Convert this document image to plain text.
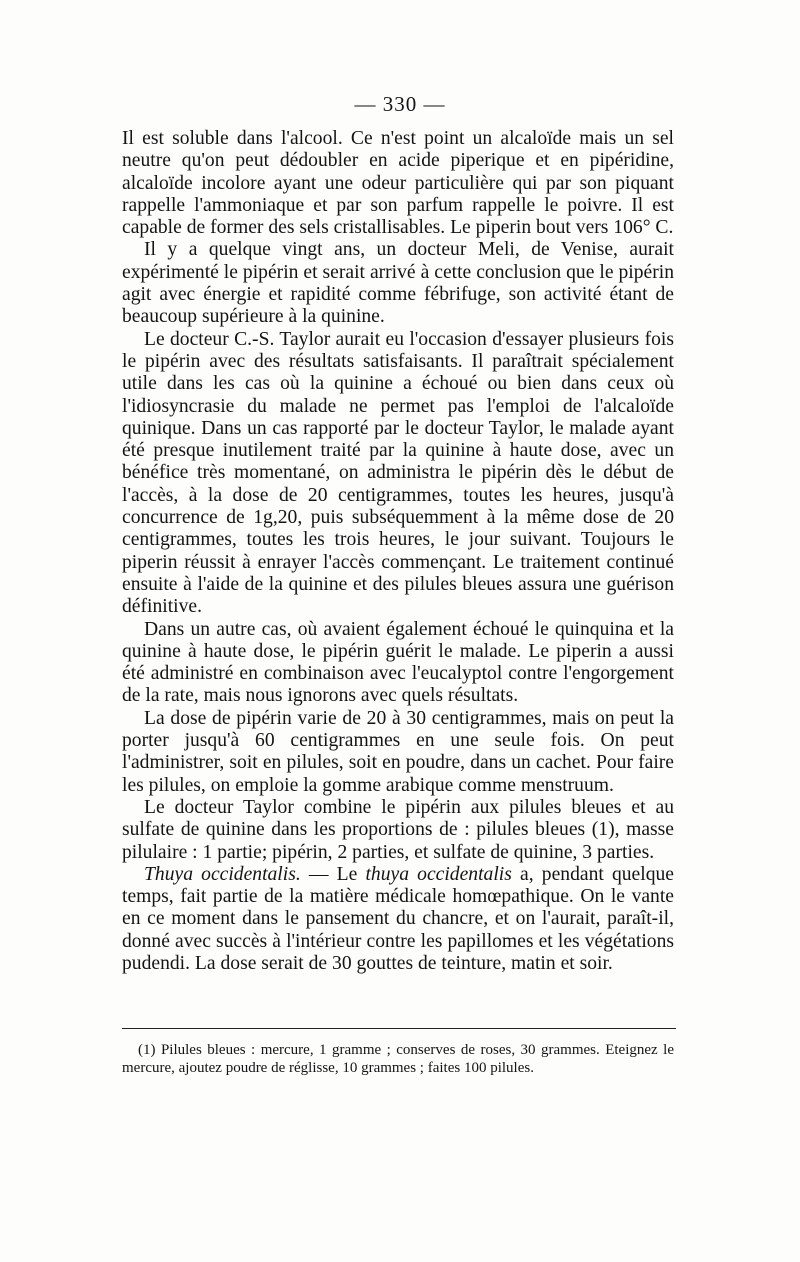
— 330 —

Il est soluble dans l'alcool. Ce n'est point un alcaloïde mais un sel neutre qu'on peut dédoubler en acide piperique et en pipéridine, alcaloïde incolore ayant une odeur particulière qui par son piquant rappelle l'ammoniaque et par son parfum rappelle le poivre. Il est capable de former des sels cristallisables. Le piperin bout vers 106° C.

Il y a quelque vingt ans, un docteur Meli, de Venise, aurait expérimenté le pipérin et serait arrivé à cette conclusion que le pipérin agit avec énergie et rapidité comme fébrifuge, son activité étant de beaucoup supérieure à la quinine.

Le docteur C.-S. Taylor aurait eu l'occasion d'essayer plusieurs fois le pipérin avec des résultats satisfaisants. Il paraîtrait spécialement utile dans les cas où la quinine a échoué ou bien dans ceux où l'idiosyncrasie du malade ne permet pas l'emploi de l'alcaloïde quinique. Dans un cas rapporté par le docteur Taylor, le malade ayant été presque inutilement traité par la quinine à haute dose, avec un bénéfice très momentané, on administra le pipérin dès le début de l'accès, à la dose de 20 centigrammes, toutes les heures, jusqu'à concurrence de 1g,20, puis subséquemment à la même dose de 20 centigrammes, toutes les trois heures, le jour suivant. Toujours le piperin réussit à enrayer l'accès commençant. Le traitement continué ensuite à l'aide de la quinine et des pilules bleues assura une guérison définitive.

Dans un autre cas, où avaient également échoué le quinquina et la quinine à haute dose, le pipérin guérit le malade. Le piperin a aussi été administré en combinaison avec l'eucalyptol contre l'engorgement de la rate, mais nous ignorons avec quels résultats.

La dose de pipérin varie de 20 à 30 centigrammes, mais on peut la porter jusqu'à 60 centigrammes en une seule fois. On peut l'administrer, soit en pilules, soit en poudre, dans un cachet. Pour faire les pilules, on emploie la gomme arabique comme menstruum.

Le docteur Taylor combine le pipérin aux pilules bleues et au sulfate de quinine dans les proportions de : pilules bleues (1), masse pilulaire : 1 partie; pipérin, 2 parties, et sulfate de quinine, 3 parties.

Thuya occidentalis. — Le thuya occidentalis a, pendant quelque temps, fait partie de la matière médicale homœpathique. On le vante en ce moment dans le pansement du chancre, et on l'aurait, paraît-il, donné avec succès à l'intérieur contre les papillomes et les végétations pudendi. La dose serait de 30 gouttes de teinture, matin et soir.

(1) Pilules bleues : mercure, 1 gramme ; conserves de roses, 30 grammes. Eteignez le mercure, ajoutez poudre de réglisse, 10 grammes ; faites 100 pilules.
